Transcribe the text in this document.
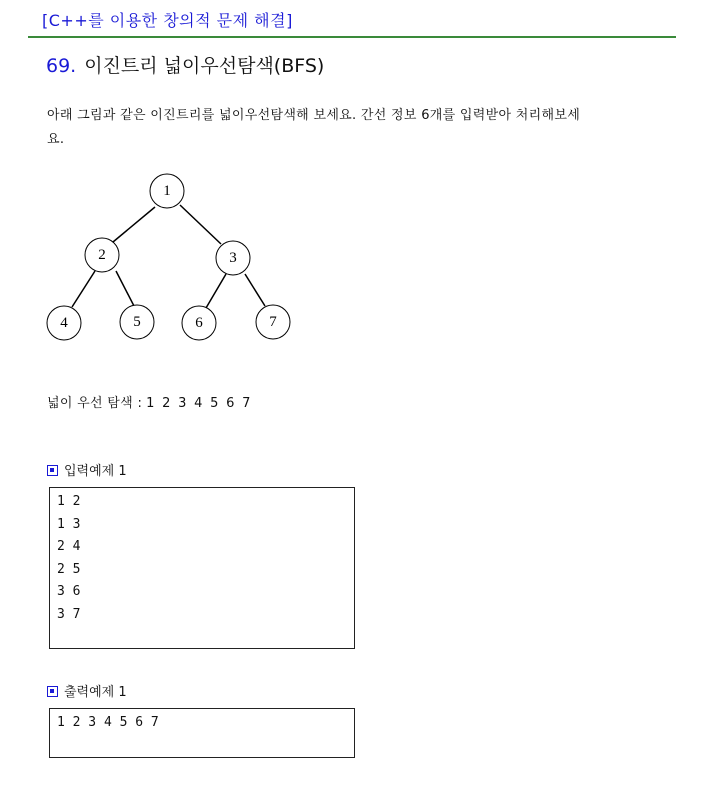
[C++를 이용한 창의적 문제 해결]
69. 이진트리 넓이우선탐색(BFS)
아래 그림과 같은 이진트리를 넓이우선탐색해 보세요. 간선 정보 6개를 입력받아 처리해보세
요.
1
2	3
4	5	6	7
넓이 우선 탐색 : 1 2 3 4 5 6 7
입력예제 1
1 2
1 3
2 4
2 5
3 6
3 7
출력예제 1
1 2 3 4 5 6 7
